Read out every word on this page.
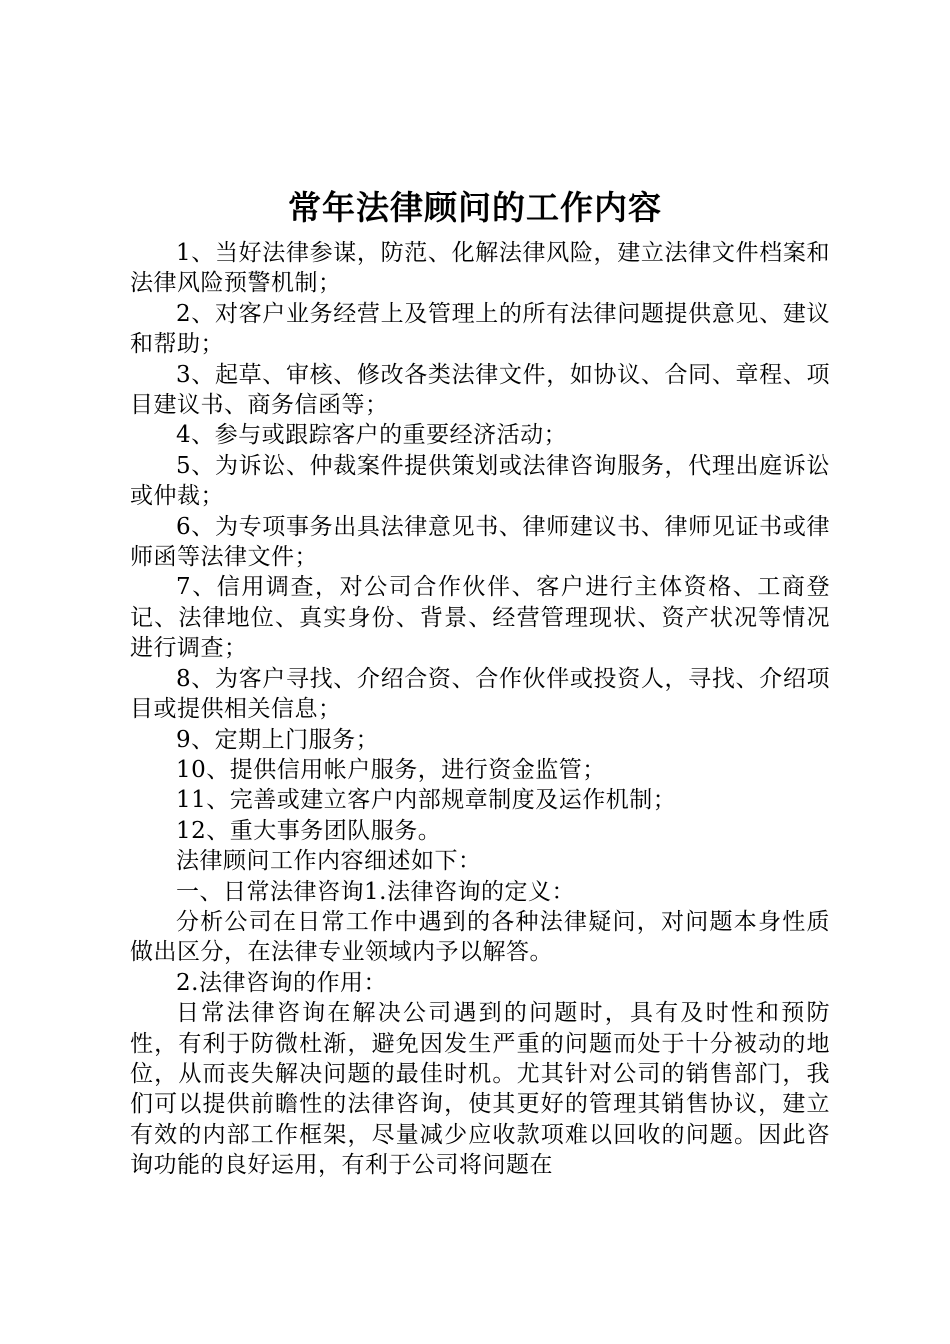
常年法律顾问的工作内容

1、当好法律参谋，防范、化解法律风险，建立法律文件档案和法律风险预警机制；

2、对客户业务经营上及管理上的所有法律问题提供意见、建议和帮助；

3、起草、审核、修改各类法律文件，如协议、合同、章程、项目建议书、商务信函等；

4、参与或跟踪客户的重要经济活动；

5、为诉讼、仲裁案件提供策划或法律咨询服务，代理出庭诉讼或仲裁；

6、为专项事务出具法律意见书、律师建议书、律师见证书或律师函等法律文件；

7、信用调查，对公司合作伙伴、客户进行主体资格、工商登记、法律地位、真实身份、背景、经营管理现状、资产状况等情况进行调查；

8、为客户寻找、介绍合资、合作伙伴或投资人，寻找、介绍项目或提供相关信息；

9、定期上门服务；

10、提供信用帐户服务，进行资金监管；

11、完善或建立客户内部规章制度及运作机制；

12、重大事务团队服务。

法律顾问工作内容细述如下：

一、日常法律咨询1.法律咨询的定义：

分析公司在日常工作中遇到的各种法律疑问，对问题本身性质做出区分，在法律专业领域内予以解答。

2.法律咨询的作用：

日常法律咨询在解决公司遇到的问题时，具有及时性和预防性，有利于防微杜渐，避免因发生严重的问题而处于十分被动的地位，从而丧失解决问题的最佳时机。尤其针对公司的销售部门，我们可以提供前瞻性的法律咨询，使其更好的管理其销售协议，建立有效的内部工作框架，尽量减少应收款项难以回收的问题。因此咨询功能的良好运用，有利于公司将问题在
